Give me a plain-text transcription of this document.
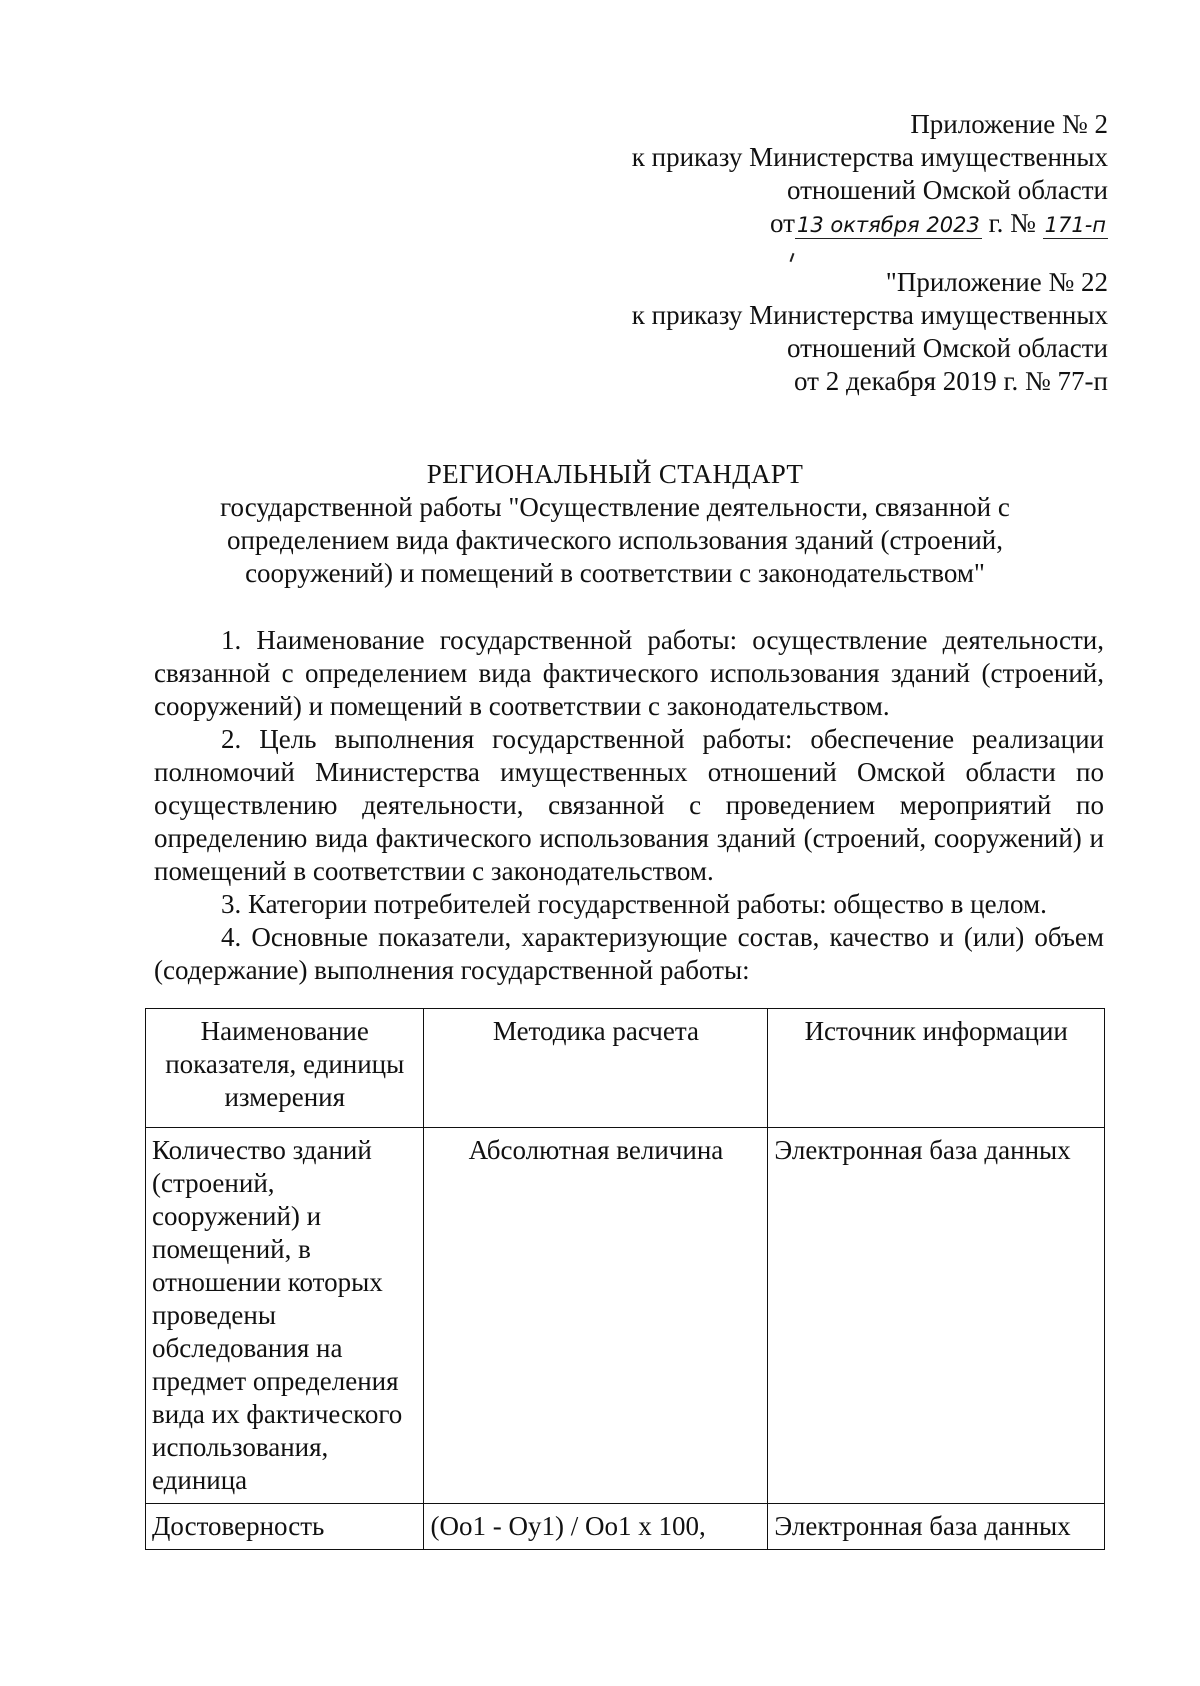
Приложение № 2
к приказу Министерства имущественных
отношений Омской области
от13 октября 2023 г. № 171-п
"Приложение № 22
к приказу Министерства имущественных
отношений Омской области
от 2 декабря 2019 г. № 77-п
РЕГИОНАЛЬНЫЙ СТАНДАРТ
государственной работы "Осуществление деятельности, связанной с
определением вида фактического использования зданий (строений,
сооружений) и помещений в соответствии с законодательством"

1. Наименование государственной работы: осуществление деятельности, связанной с определением вида фактического использования зданий (строений, сооружений) и помещений в соответствии с законодательством.

2. Цель выполнения государственной работы: обеспечение реализации полномочий Министерства имущественных отношений Омской области по осуществлению деятельности, связанной с проведением мероприятий по определению вида фактического использования зданий (строений, сооружений) и помещений в соответствии с законодательством.

3. Категории потребителей государственной работы: общество в целом.

4. Основные показатели, характеризующие состав, качество и (или) объем (содержание) выполнения государственной работы:

Наименование показателя, единицы измерения	Методика расчета	Источник информации
Количество зданий (строений, сооружений) и помещений, в отношении которых проведены обследования на предмет определения вида их фактического использования, единица	Абсолютная величина	Электронная база данных
Достоверность	(Оо1 - Оу1) / Оо1 x 100,	Электронная база данных
